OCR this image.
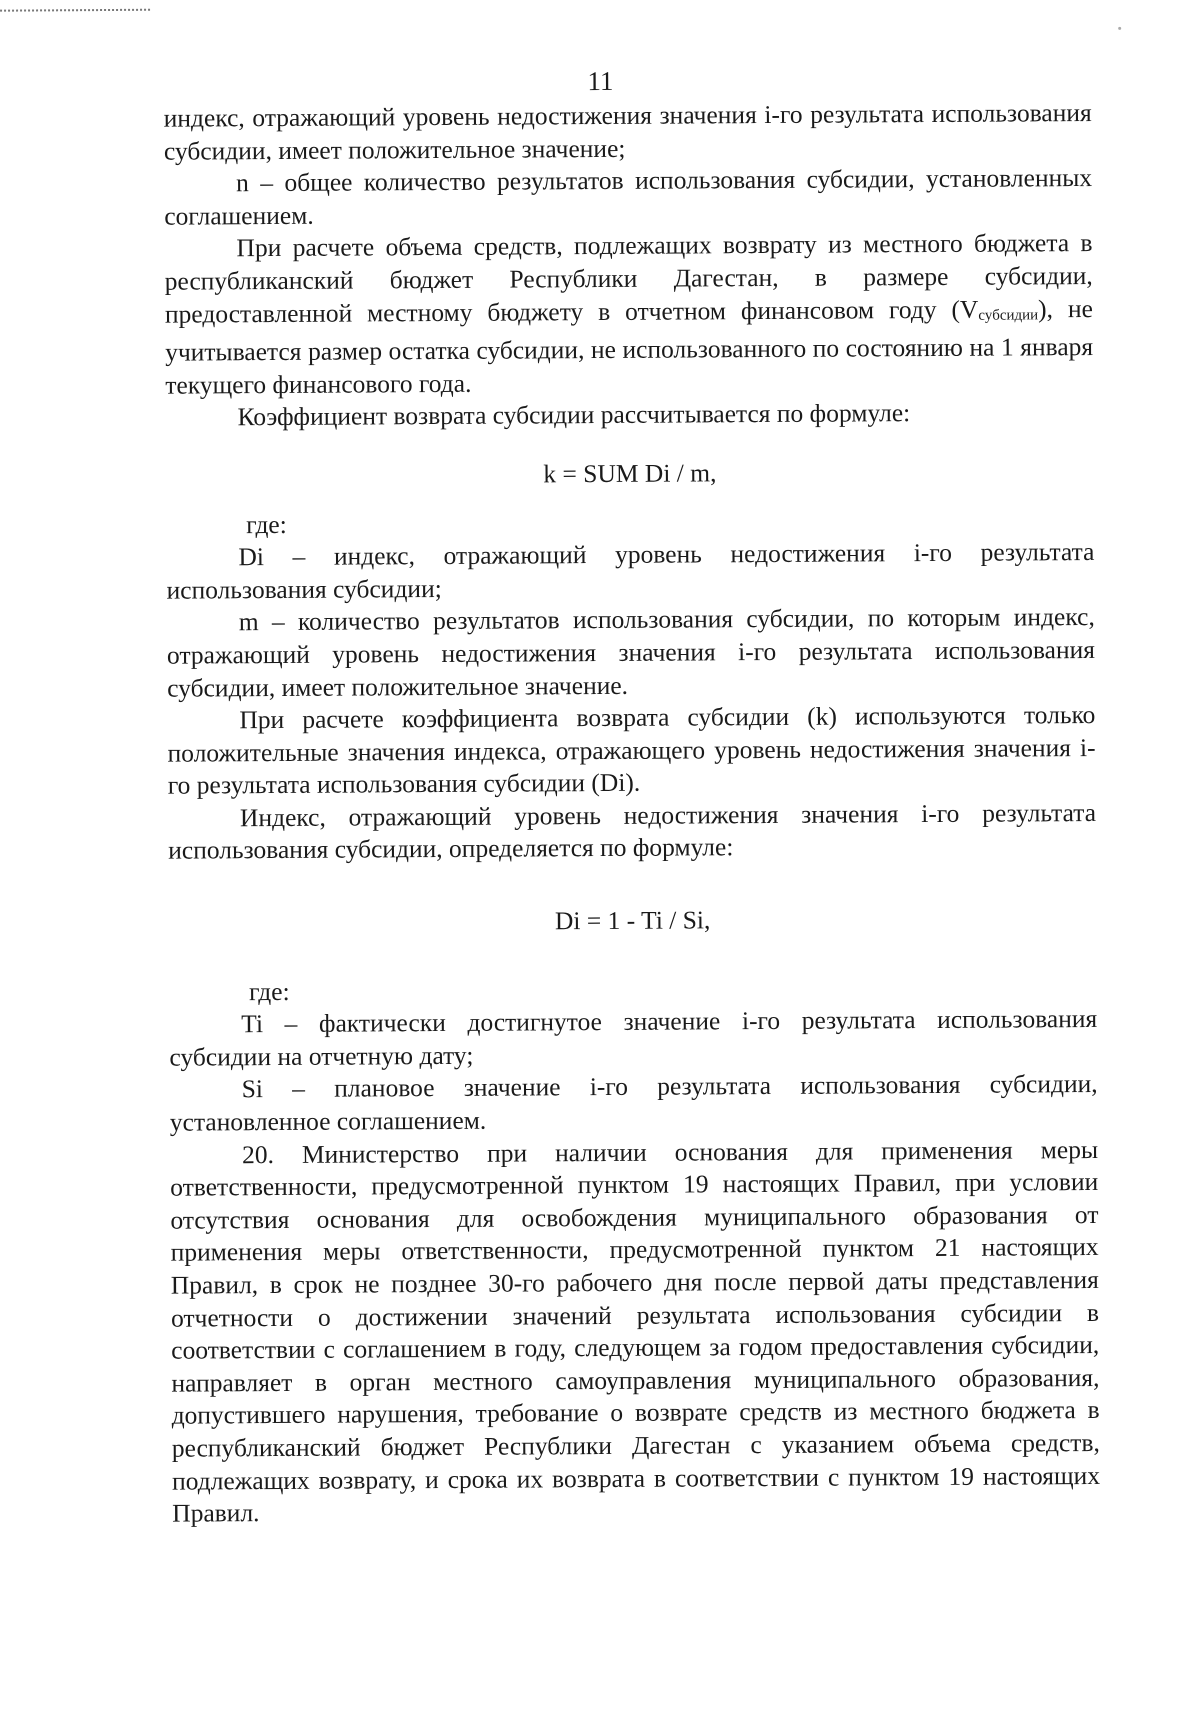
11

индекс, отражающий уровень недостижения значения i-го результата использования субсидии, имеет положительное значение;

n – общее количество результатов использования субсидии, установленных соглашением.

При расчете объема средств, подлежащих возврату из местного бюджета в республиканский бюджет Республики Дагестан, в размере субсидии, предоставленной местному бюджету в отчетном финансовом году $(V_{субсидии})$, не учитывается размер остатка субсидии, не использованного по состоянию на 1 января текущего финансового года.

Коэффициент возврата субсидии рассчитывается по формуле:

k = SUM Di / m,

где:

Di – индекс, отражающий уровень недостижения i-го результата использования субсидии;

m – количество результатов использования субсидии, по которым индекс, отражающий уровень недостижения значения i-го результата использования субсидии, имеет положительное значение.

При расчете коэффициента возврата субсидии (k) используются только положительные значения индекса, отражающего уровень недостижения значения i-го результата использования субсидии (Di).

Индекс, отражающий уровень недостижения значения i-го результата использования субсидии, определяется по формуле:

Di = 1 - Ti / Si,

где:

Ti – фактически достигнутое значение i-го результата использования субсидии на отчетную дату;

Si – плановое значение i-го результата использования субсидии, установленное соглашением.

20. Министерство при наличии основания для применения меры ответственности, предусмотренной пунктом 19 настоящих Правил, при условии отсутствия основания для освобождения муниципального образования от применения меры ответственности, предусмотренной пунктом 21 настоящих Правил, в срок не позднее 30-го рабочего дня после первой даты представления отчетности о достижении значений результата использования субсидии в соответствии с соглашением в году, следующем за годом предоставления субсидии, направляет в орган местного самоуправления муниципального образования, допустившего нарушения, требование о возврате средств из местного бюджета в республиканский бюджет Республики Дагестан с указанием объема средств, подлежащих возврату, и срока их возврата в соответствии с пунктом 19 настоящих Правил.
